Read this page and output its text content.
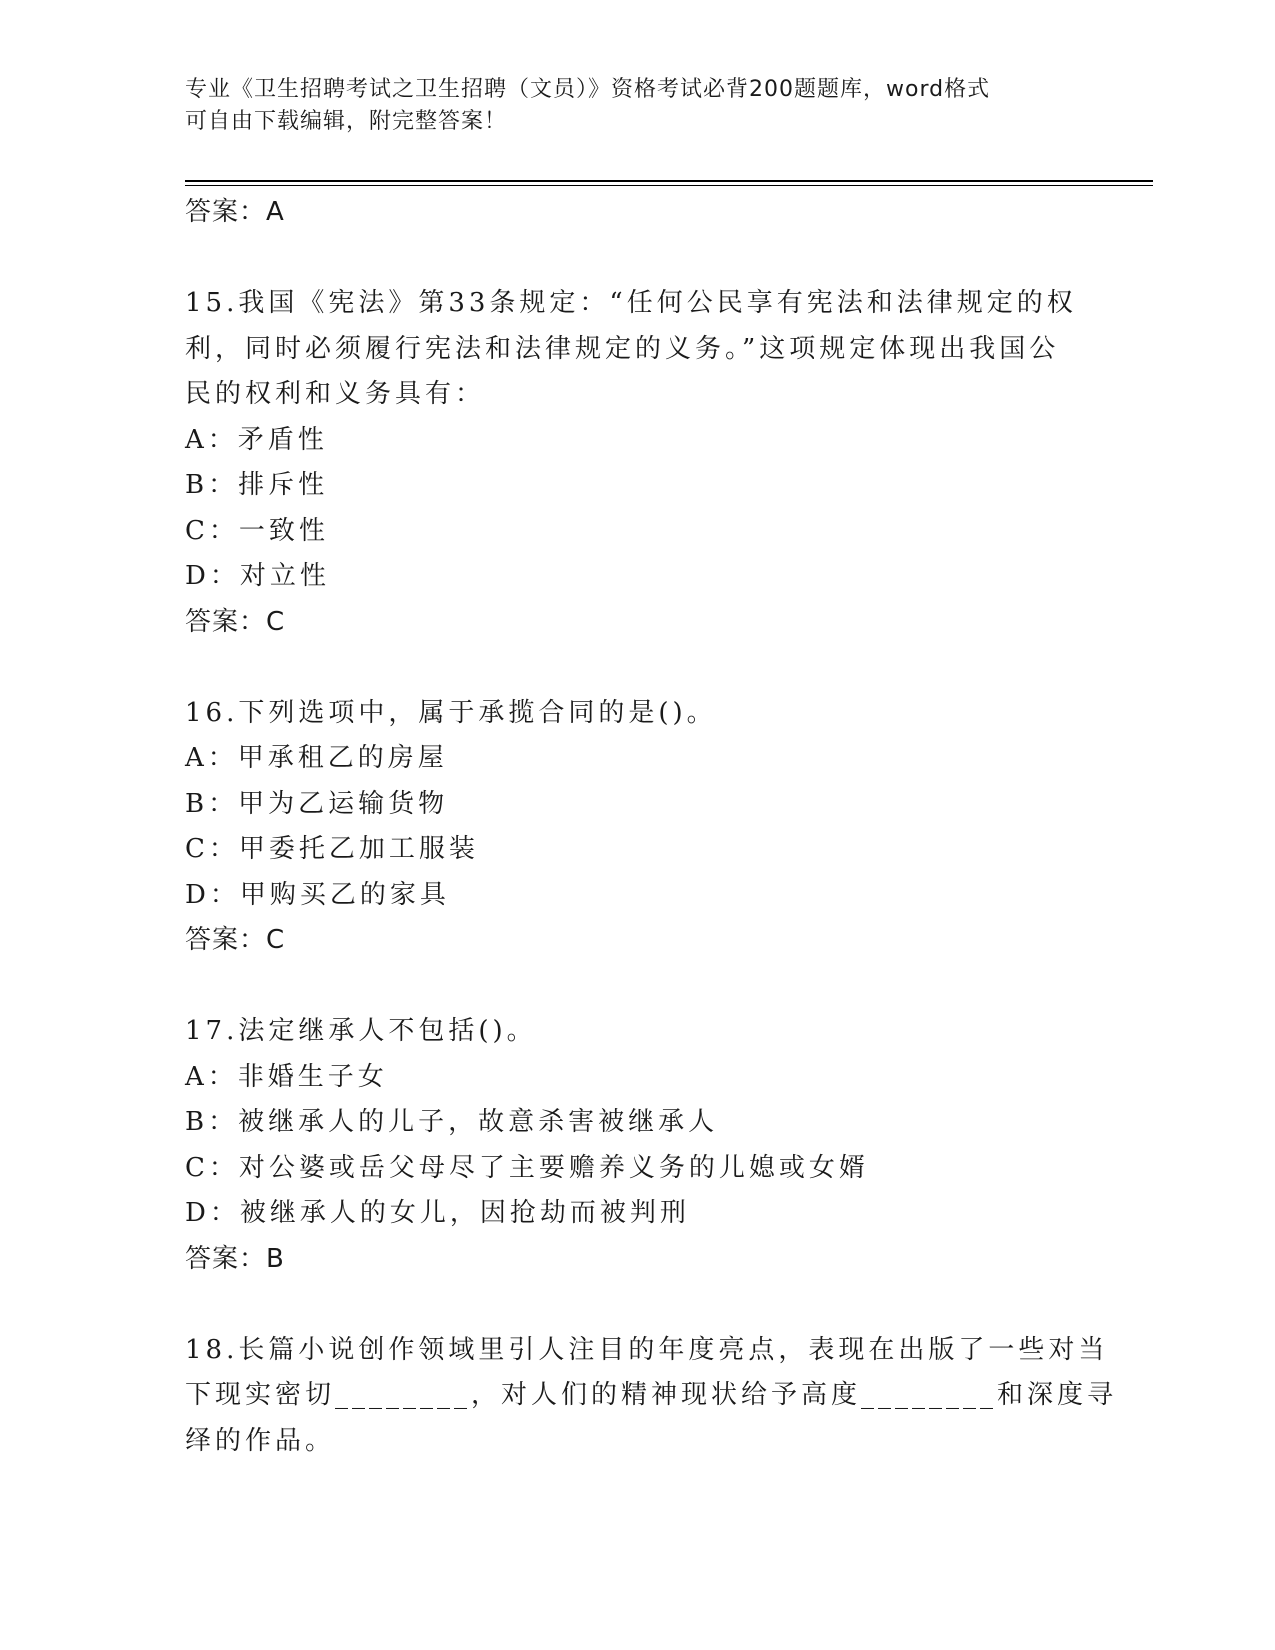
专业《卫生招聘考试之卫生招聘（文员）》资格考试必背200题题库，word格式
可自由下载编辑，附完整答案！
答案：A
15.我国《宪法》第33条规定：“任何公民享有宪法和法律规定的权
利，同时必须履行宪法和法律规定的义务。”这项规定体现出我国公
民的权利和义务具有：
A：矛盾性
B：排斥性
C：一致性
D：对立性
答案：C
16.下列选项中，属于承揽合同的是()。
A：甲承租乙的房屋
B：甲为乙运输货物
C：甲委托乙加工服装
D：甲购买乙的家具
答案：C
17.法定继承人不包括()。
A：非婚生子女
B：被继承人的儿子，故意杀害被继承人
C：对公婆或岳父母尽了主要赡养义务的儿媳或女婿
D：被继承人的女儿，因抢劫而被判刑
答案：B
18.长篇小说创作领域里引人注目的年度亮点，表现在出版了一些对当
下现实密切________，对人们的精神现状给予高度________和深度寻
绎的作品。
